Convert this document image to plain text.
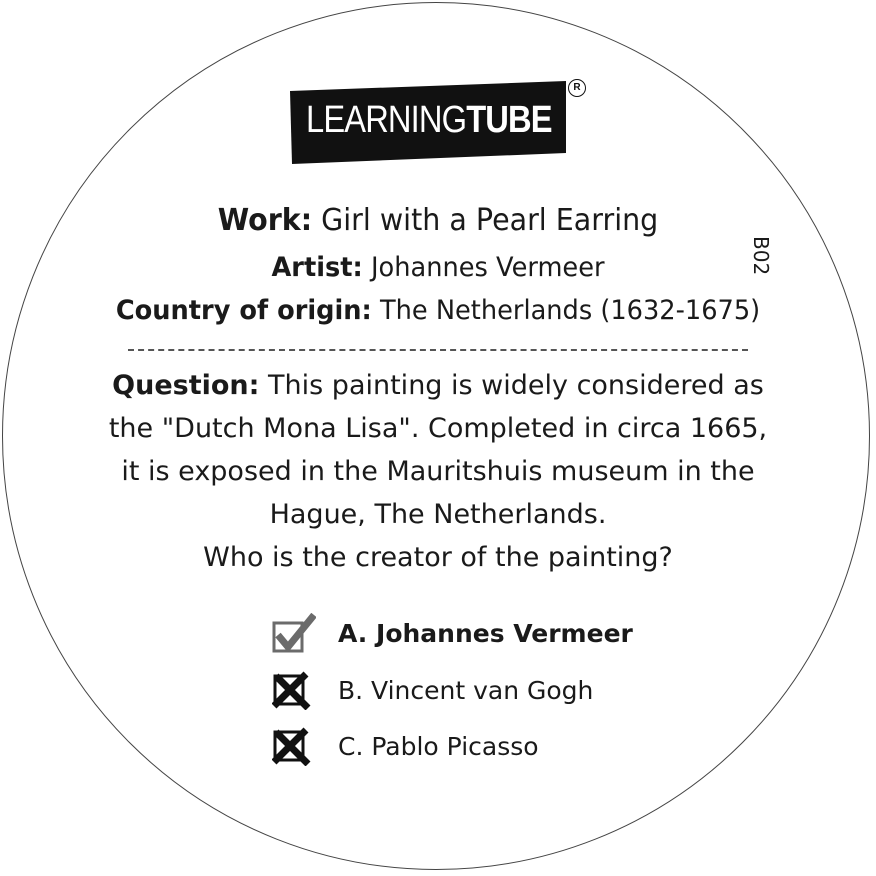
LEARNINGTUBE
R
B02
Work: Girl with a Pearl Earring
Artist: Johannes Vermeer
Country of origin: The Netherlands (1632-1675)
Question: This painting is widely considered as
the "Dutch Mona Lisa". Completed in circa 1665,
it is exposed in the Mauritshuis museum in the
Hague, The Netherlands.
Who is the creator of the painting?
A. Johannes Vermeer
B. Vincent van Gogh
C. Pablo Picasso
